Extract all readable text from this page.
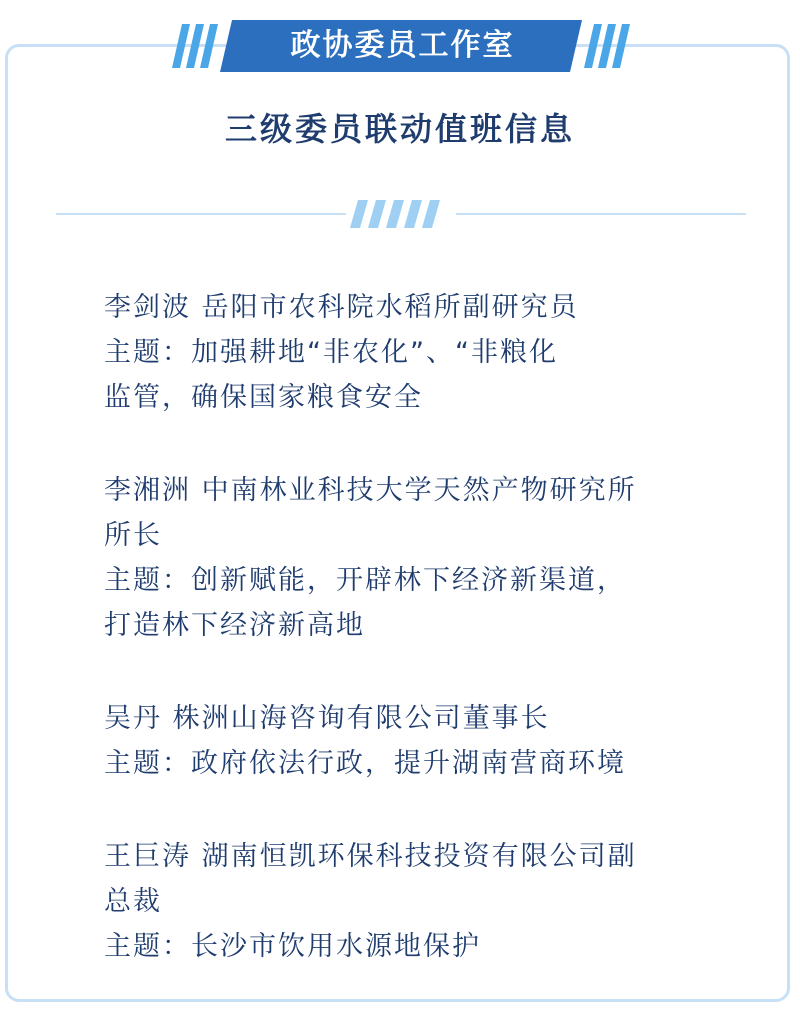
政协委员工作室
三级委员联动值班信息
李剑波 岳阳市农科院水稻所副研究员
主题：加强耕地“非农化”、“非粮化
监管，确保国家粮食安全
李湘洲 中南林业科技大学天然产物研究所
所长
主题：创新赋能，开辟林下经济新渠道，
打造林下经济新高地
吴丹 株洲山海咨询有限公司董事长
主题：政府依法行政，提升湖南营商环境
王巨涛 湖南恒凯环保科技投资有限公司副
总裁
主题：长沙市饮用水源地保护
